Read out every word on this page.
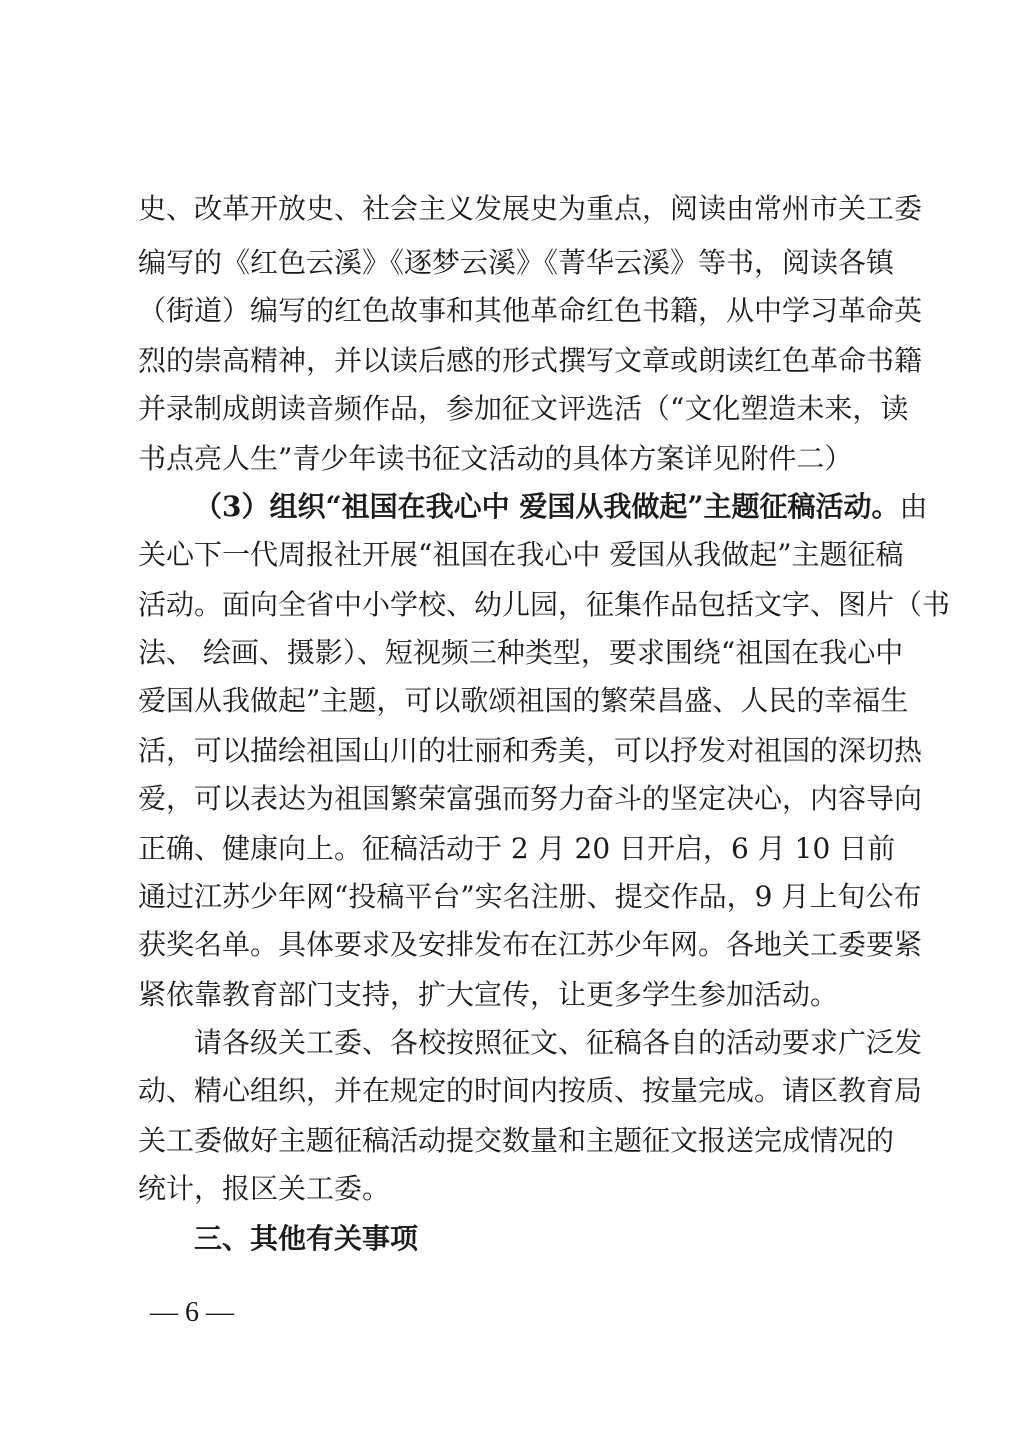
史、改革开放史、社会主义发展史为重点，阅读由常州市关工委
编写的《红色云溪》《逐梦云溪》《菁华云溪》等书，阅读各镇
（街道）编写的红色故事和其他革命红色书籍，从中学习革命英
烈的崇高精神，并以读后感的形式撰写文章或朗读红色革命书籍
并录制成朗读音频作品，参加征文评选活（“文化塑造未来，读
书点亮人生”青少年读书征文活动的具体方案详见附件二）
（3）组织“祖国在我心中 爱国从我做起”主题征稿活动。由
关心下一代周报社开展“祖国在我心中 爱国从我做起”主题征稿
活动。面向全省中小学校、幼儿园，征集作品包括文字、图片（书
法、 绘画、摄影）、短视频三种类型，要求围绕“祖国在我心中
爱国从我做起”主题，可以歌颂祖国的繁荣昌盛、人民的幸福生
活，可以描绘祖国山川的壮丽和秀美，可以抒发对祖国的深切热
爱，可以表达为祖国繁荣富强而努力奋斗的坚定决心，内容导向
正确、健康向上。征稿活动于 2 月 20 日开启，6 月 10 日前
通过江苏少年网“投稿平台”实名注册、提交作品，9 月上旬公布
获奖名单。具体要求及安排发布在江苏少年网。各地关工委要紧
紧依靠教育部门支持，扩大宣传，让更多学生参加活动。
请各级关工委、各校按照征文、征稿各自的活动要求广泛发
动、精心组织，并在规定的时间内按质、按量完成。请区教育局
关工委做好主题征稿活动提交数量和主题征文报送完成情况的
统计，报区关工委。
三、其他有关事项
— 6 —
